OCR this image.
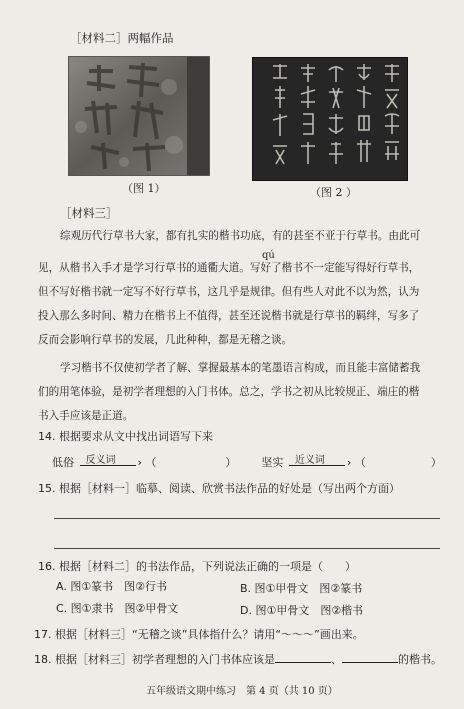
［材料二］两幅作品
（图 1）	（图 2 ）
［材料三］
qú
综观历代行草书大家，都有扎实的楷书功底，有的甚至不亚于行草书。由此可
见，从楷书入手才是学习行草书的通衢大道。写好了楷书不一定能写得好行草书，
但不写好楷书就一定写不好行草书，这几乎是规律。但有些人对此不以为然，认为
投入那么多时间、精力在楷书上不值得，甚至还说楷书就是行草书的羁绊，写多了
反而会影响行草书的发展，几此种种，都是无稽之谈。
学习楷书不仅使初学者了解、掌握最基本的笔墨语言构成，而且能丰富储蓄我
们的用笔体验，是初学者理想的入门书体。总之，学书之初从比较规正、端庄的楷
书入手应该是正道。
14. 根据要求从文中找出词语写下来
低俗 反义词 › （	） 坚实 近义词 › （	）
15. 根据［材料一］临摹、阅读、欣赏书法作品的好处是（写出两个方面）
16. 根据［材料二］的书法作品，下列说法正确的一项是（　　）
A. 图①篆书　图②行书	B. 图①甲骨文　图②篆书
C. 图①隶书　图②甲骨文	D. 图①甲骨文　图②楷书
17. 根据［材料三］“无稽之谈”具体指什么？请用“～～～”画出来。
18. 根据［材料三］初学者理想的入门书体应该是	、	的楷书。
五年级语文期中练习　第 4 页（共 10 页）
